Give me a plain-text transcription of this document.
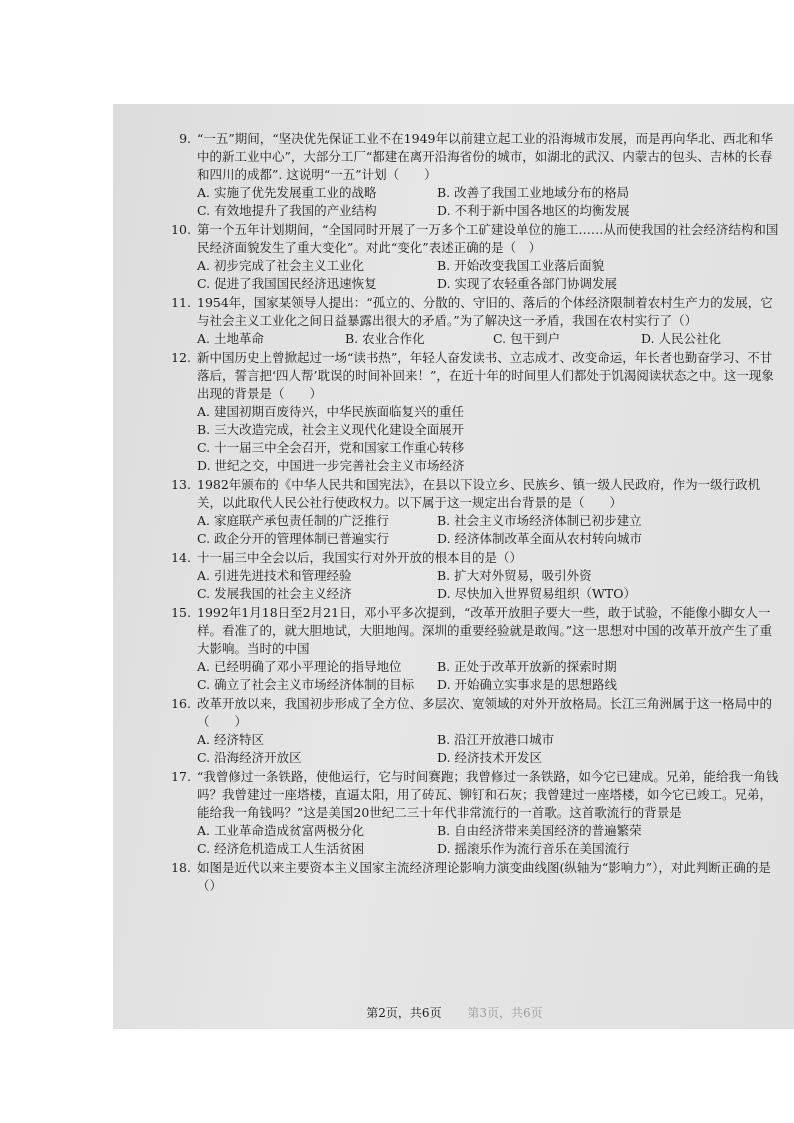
9. “一五”期间，“坚决优先保证工业不在1949年以前建立起工业的沿海城市发展，而是再向华北、西北和华中的新工业中心”，大部分工厂“都建在离开沿海省份的城市，如湖北的武汉、内蒙古的包头、吉林的长春和四川的成都”. 这说明“一五”计划（　　）
A. 实施了优先发展重工业的战略	B. 改善了我国工业地域分布的格局
C. 有效地提升了我国的产业结构	D. 不利于新中国各地区的均衡发展
10. 第一个五年计划期间，“全国同时开展了一万多个工矿建设单位的施工……从而使我国的社会经济结构和国民经济面貌发生了重大变化”。对此“变化”表述正确的是（　）
A. 初步完成了社会主义工业化	B. 开始改变我国工业落后面貌
C. 促进了我国国民经济迅速恢复	D. 实现了农轻重各部门协调发展
11. 1954年，国家某领导人提出：“孤立的、分散的、守旧的、落后的个体经济限制着农村生产力的发展，它与社会主义工业化之间日益暴露出很大的矛盾。”为了解决这一矛盾，我国在农村实行了（）
A. 土地革命	B. 农业合作化	C. 包干到户	D. 人民公社化
12. 新中国历史上曾掀起过一场“读书热”，年轻人奋发读书、立志成才、改变命运，年长者也勤奋学习、不甘落后，誓言把‘四人帮’耽误的时间补回来！”，在近十年的时间里人们都处于饥渴阅读状态之中。这一现象出现的背景是（　　）
A. 建国初期百废待兴，中华民族面临复兴的重任
B. 三大改造完成，社会主义现代化建设全面展开
C. 十一届三中全会召开，党和国家工作重心转移
D. 世纪之交，中国进一步完善社会主义市场经济
13. 1982年颁布的《中华人民共和国宪法》，在县以下设立乡、民族乡、镇一级人民政府，作为一级行政机关，以此取代人民公社行使政权力。以下属于这一规定出台背景的是（　　）
A. 家庭联产承包责任制的广泛推行	B. 社会主义市场经济体制已初步建立
C. 政企分开的管理体制已普遍实行	D. 经济体制改革全面从农村转向城市
14. 十一届三中全会以后，我国实行对外开放的根本目的是（）
A. 引进先进技术和管理经验	B. 扩大对外贸易，吸引外资
C. 发展我国的社会主义经济	D. 尽快加入世界贸易组织（WTO）
15. 1992年1月18日至2月21日，邓小平多次提到，“改革开放胆子要大一些，敢于试验，不能像小脚女人一样。看准了的，就大胆地试，大胆地闯。深圳的重要经验就是敢闯。”这一思想对中国的改革开放产生了重大影响。当时的中国
A. 已经明确了邓小平理论的指导地位	B. 正处于改革开放新的探索时期
C. 确立了社会主义市场经济体制的目标	D. 开始确立实事求是的思想路线
16. 改革开放以来，我国初步形成了全方位、多层次、宽领域的对外开放格局。长江三角洲属于这一格局中的（　　）
A. 经济特区	B. 沿江开放港口城市
C. 沿海经济开放区	D. 经济技术开发区
17. “我曾修过一条铁路，使他运行，它与时间赛跑；我曾修过一条铁路，如今它已建成。兄弟，能给我一角钱吗？我曾建过一座塔楼，直逼太阳，用了砖瓦、铆钉和石灰；我曾建过一座塔楼，如今它已竣工。兄弟，能给我一角钱吗？”这是美国20世纪二三十年代非常流行的一首歌。这首歌流行的背景是
A. 工业革命造成贫富两极分化	B. 自由经济带来美国经济的普遍繁荣
C. 经济危机造成工人生活贫困	D. 摇滚乐作为流行音乐在美国流行
18. 如图是近代以来主要资本主义国家主流经济理论影响力演变曲线图(纵轴为“影响力”），对此判断正确的是（）
第2页，共6页 第3页，共6页
